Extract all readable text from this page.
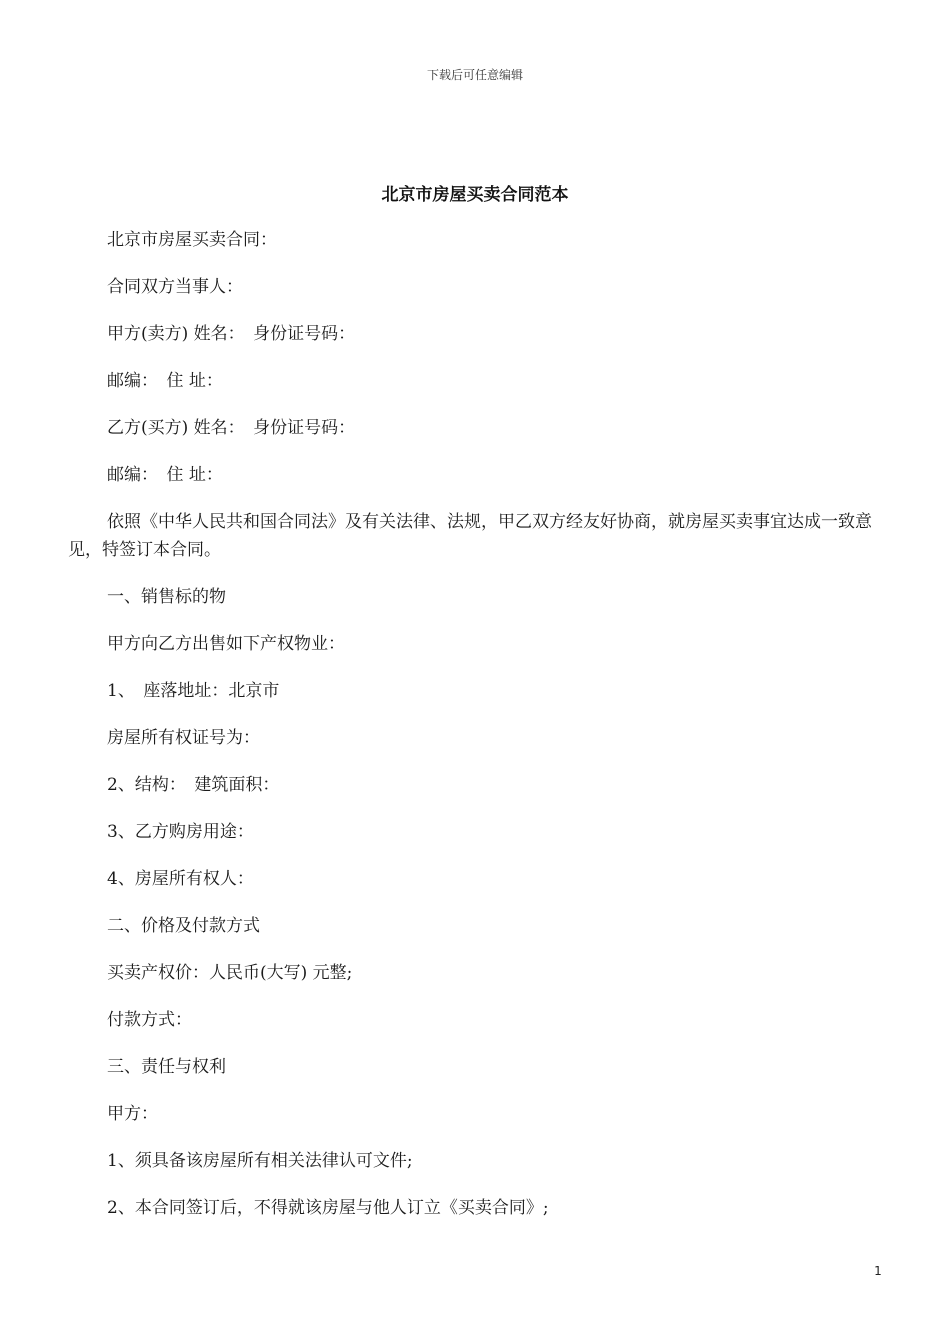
下载后可任意编辑
北京市房屋买卖合同范本

北京市房屋买卖合同：

合同双方当事人：

甲方(卖方) 姓名：　身份证号码：

邮编：　住 址：

乙方(买方) 姓名：　身份证号码：

邮编：　住 址：

依照《中华人民共和国合同法》及有关法律、法规，甲乙双方经友好协商，就房屋买卖事宜达成一致意见，特签订本合同。

一、销售标的物

甲方向乙方出售如下产权物业：

1、　座落地址：北京市

房屋所有权证号为：

2、结构：　建筑面积：

3、乙方购房用途：

4、房屋所有权人：

二、价格及付款方式

买卖产权价：人民币(大写) 元整;

付款方式：

三、责任与权利

甲方：

1、须具备该房屋所有相关法律认可文件;

2、本合同签订后，不得就该房屋与他人订立《买卖合同》;

1
